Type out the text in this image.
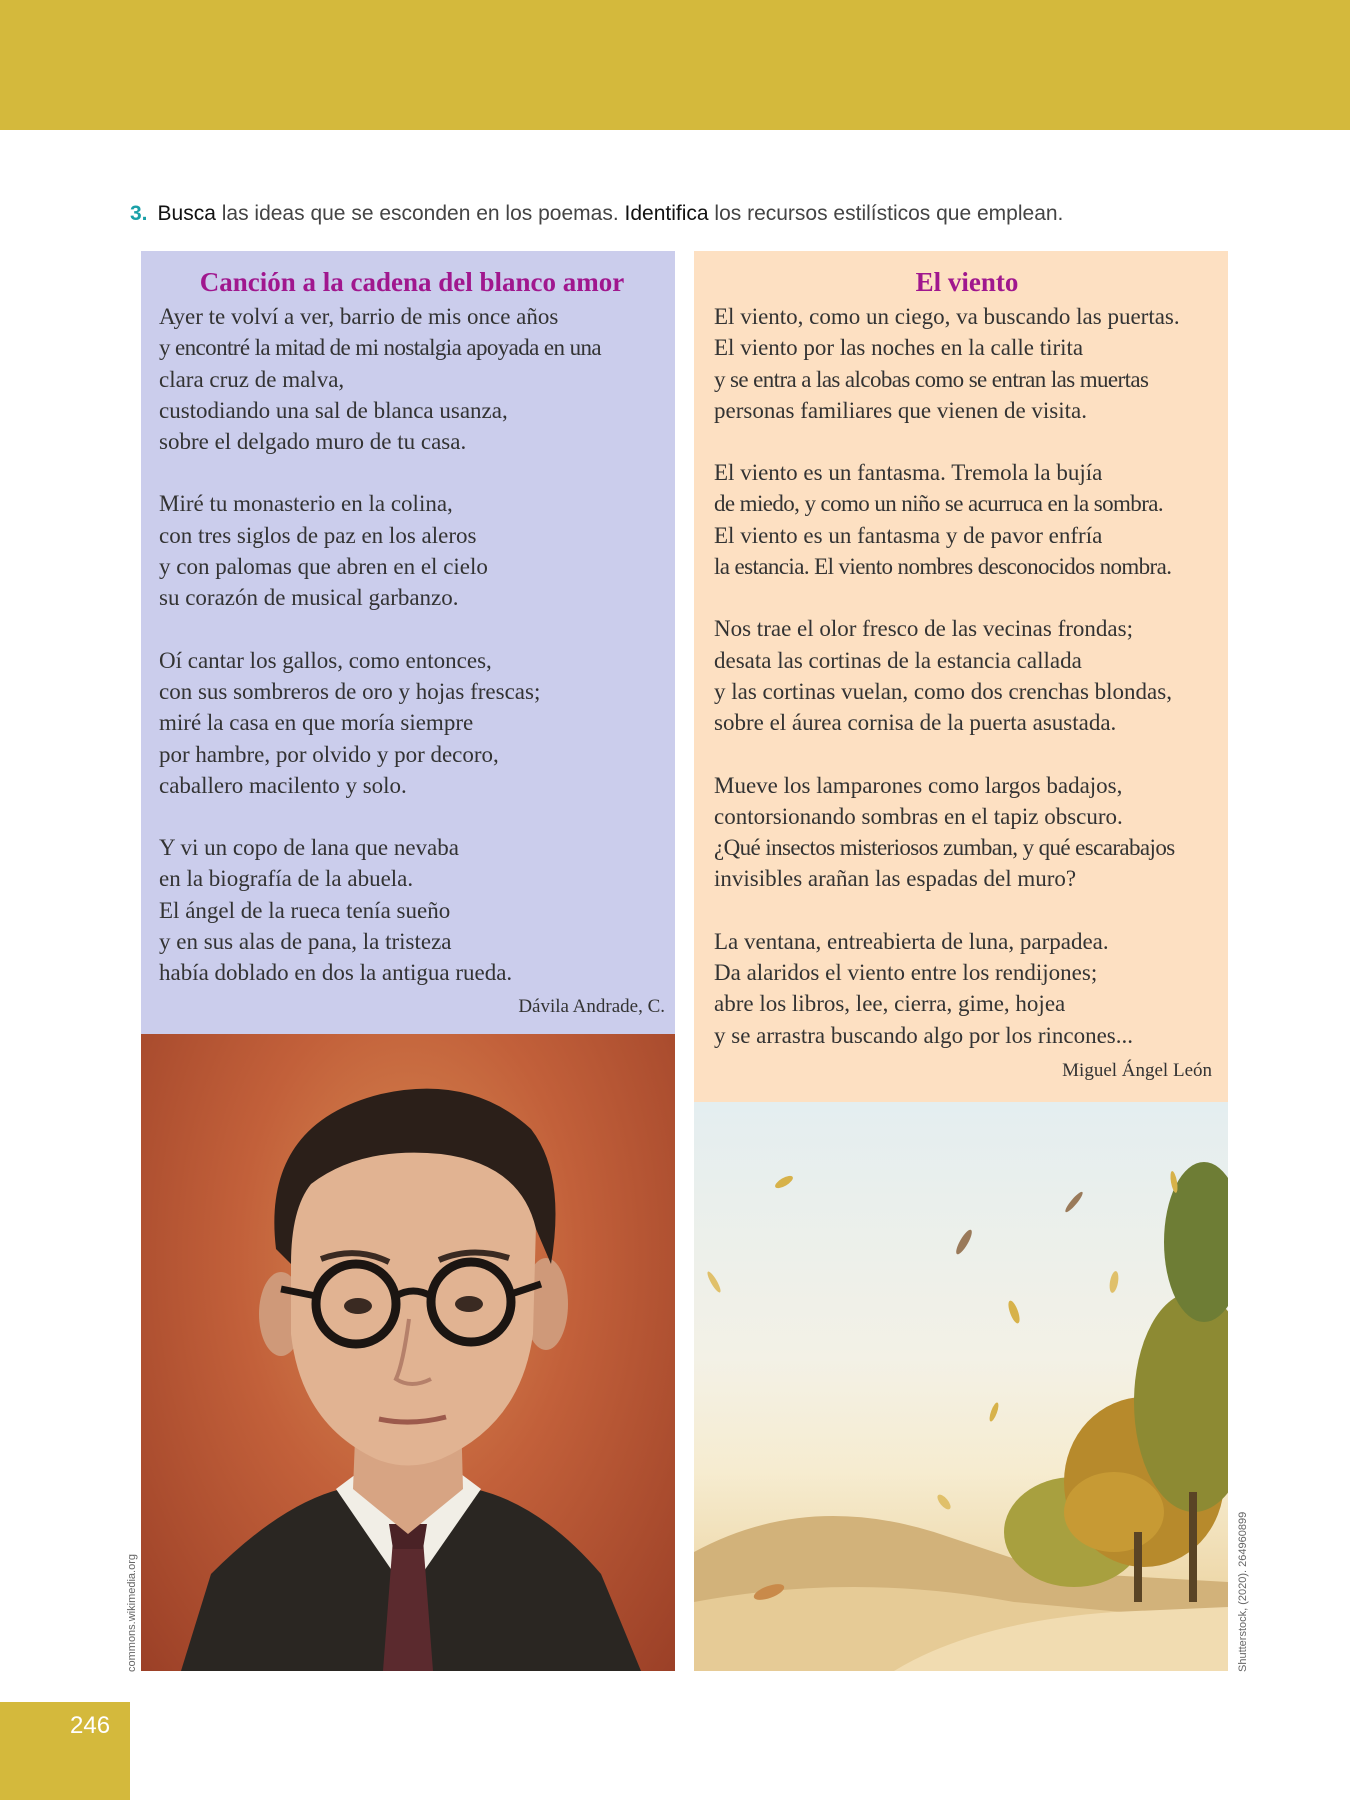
3. Busca las ideas que se esconden en los poemas. Identifica los recursos estilísticos que emplean.
Canción a la cadena del blanco amor
Ayer te volví a ver, barrio de mis once años
y encontré la mitad de mi nostalgia apoyada en una
clara cruz de malva,
custodiando una sal de blanca usanza,
sobre el delgado muro de tu casa.
Miré tu monasterio en la colina,
con tres siglos de paz en los aleros
y con palomas que abren en el cielo
su corazón de musical garbanzo.
Oí cantar los gallos, como entonces,
con sus sombreros de oro y hojas frescas;
miré la casa en que moría siempre
por hambre, por olvido y por decoro,
caballero macilento y solo.
Y vi un copo de lana que nevaba
en la biografía de la abuela.
El ángel de la rueca tenía sueño
y en sus alas de pana, la tristeza
había doblado en dos la antigua rueda.
Dávila Andrade, C.
El viento
El viento, como un ciego, va buscando las puertas.
El viento por las noches en la calle tirita
y se entra a las alcobas como se entran las muertas
personas familiares que vienen de visita.
El viento es un fantasma. Tremola la bujía
de miedo, y como un niño se acurruca en la sombra.
El viento es un fantasma y de pavor enfría
la estancia. El viento nombres desconocidos nombra.
Nos trae el olor fresco de las vecinas frondas;
desata las cortinas de la estancia callada
y las cortinas vuelan, como dos crenchas blondas,
sobre el áurea cornisa de la puerta asustada.
Mueve los lamparones como largos badajos,
contorsionando sombras en el tapiz obscuro.
¿Qué insectos misteriosos zumban, y qué escarabajos
invisibles arañan las espadas del muro?
La ventana, entreabierta de luna, parpadea.
Da alaridos el viento entre los rendijones;
abre los libros, lee, cierra, gime, hojea
y se arrastra buscando algo por los rincones...
Miguel Ángel León
commons.wikimedia.org	Shutterstock, (2020). 264960899
246
